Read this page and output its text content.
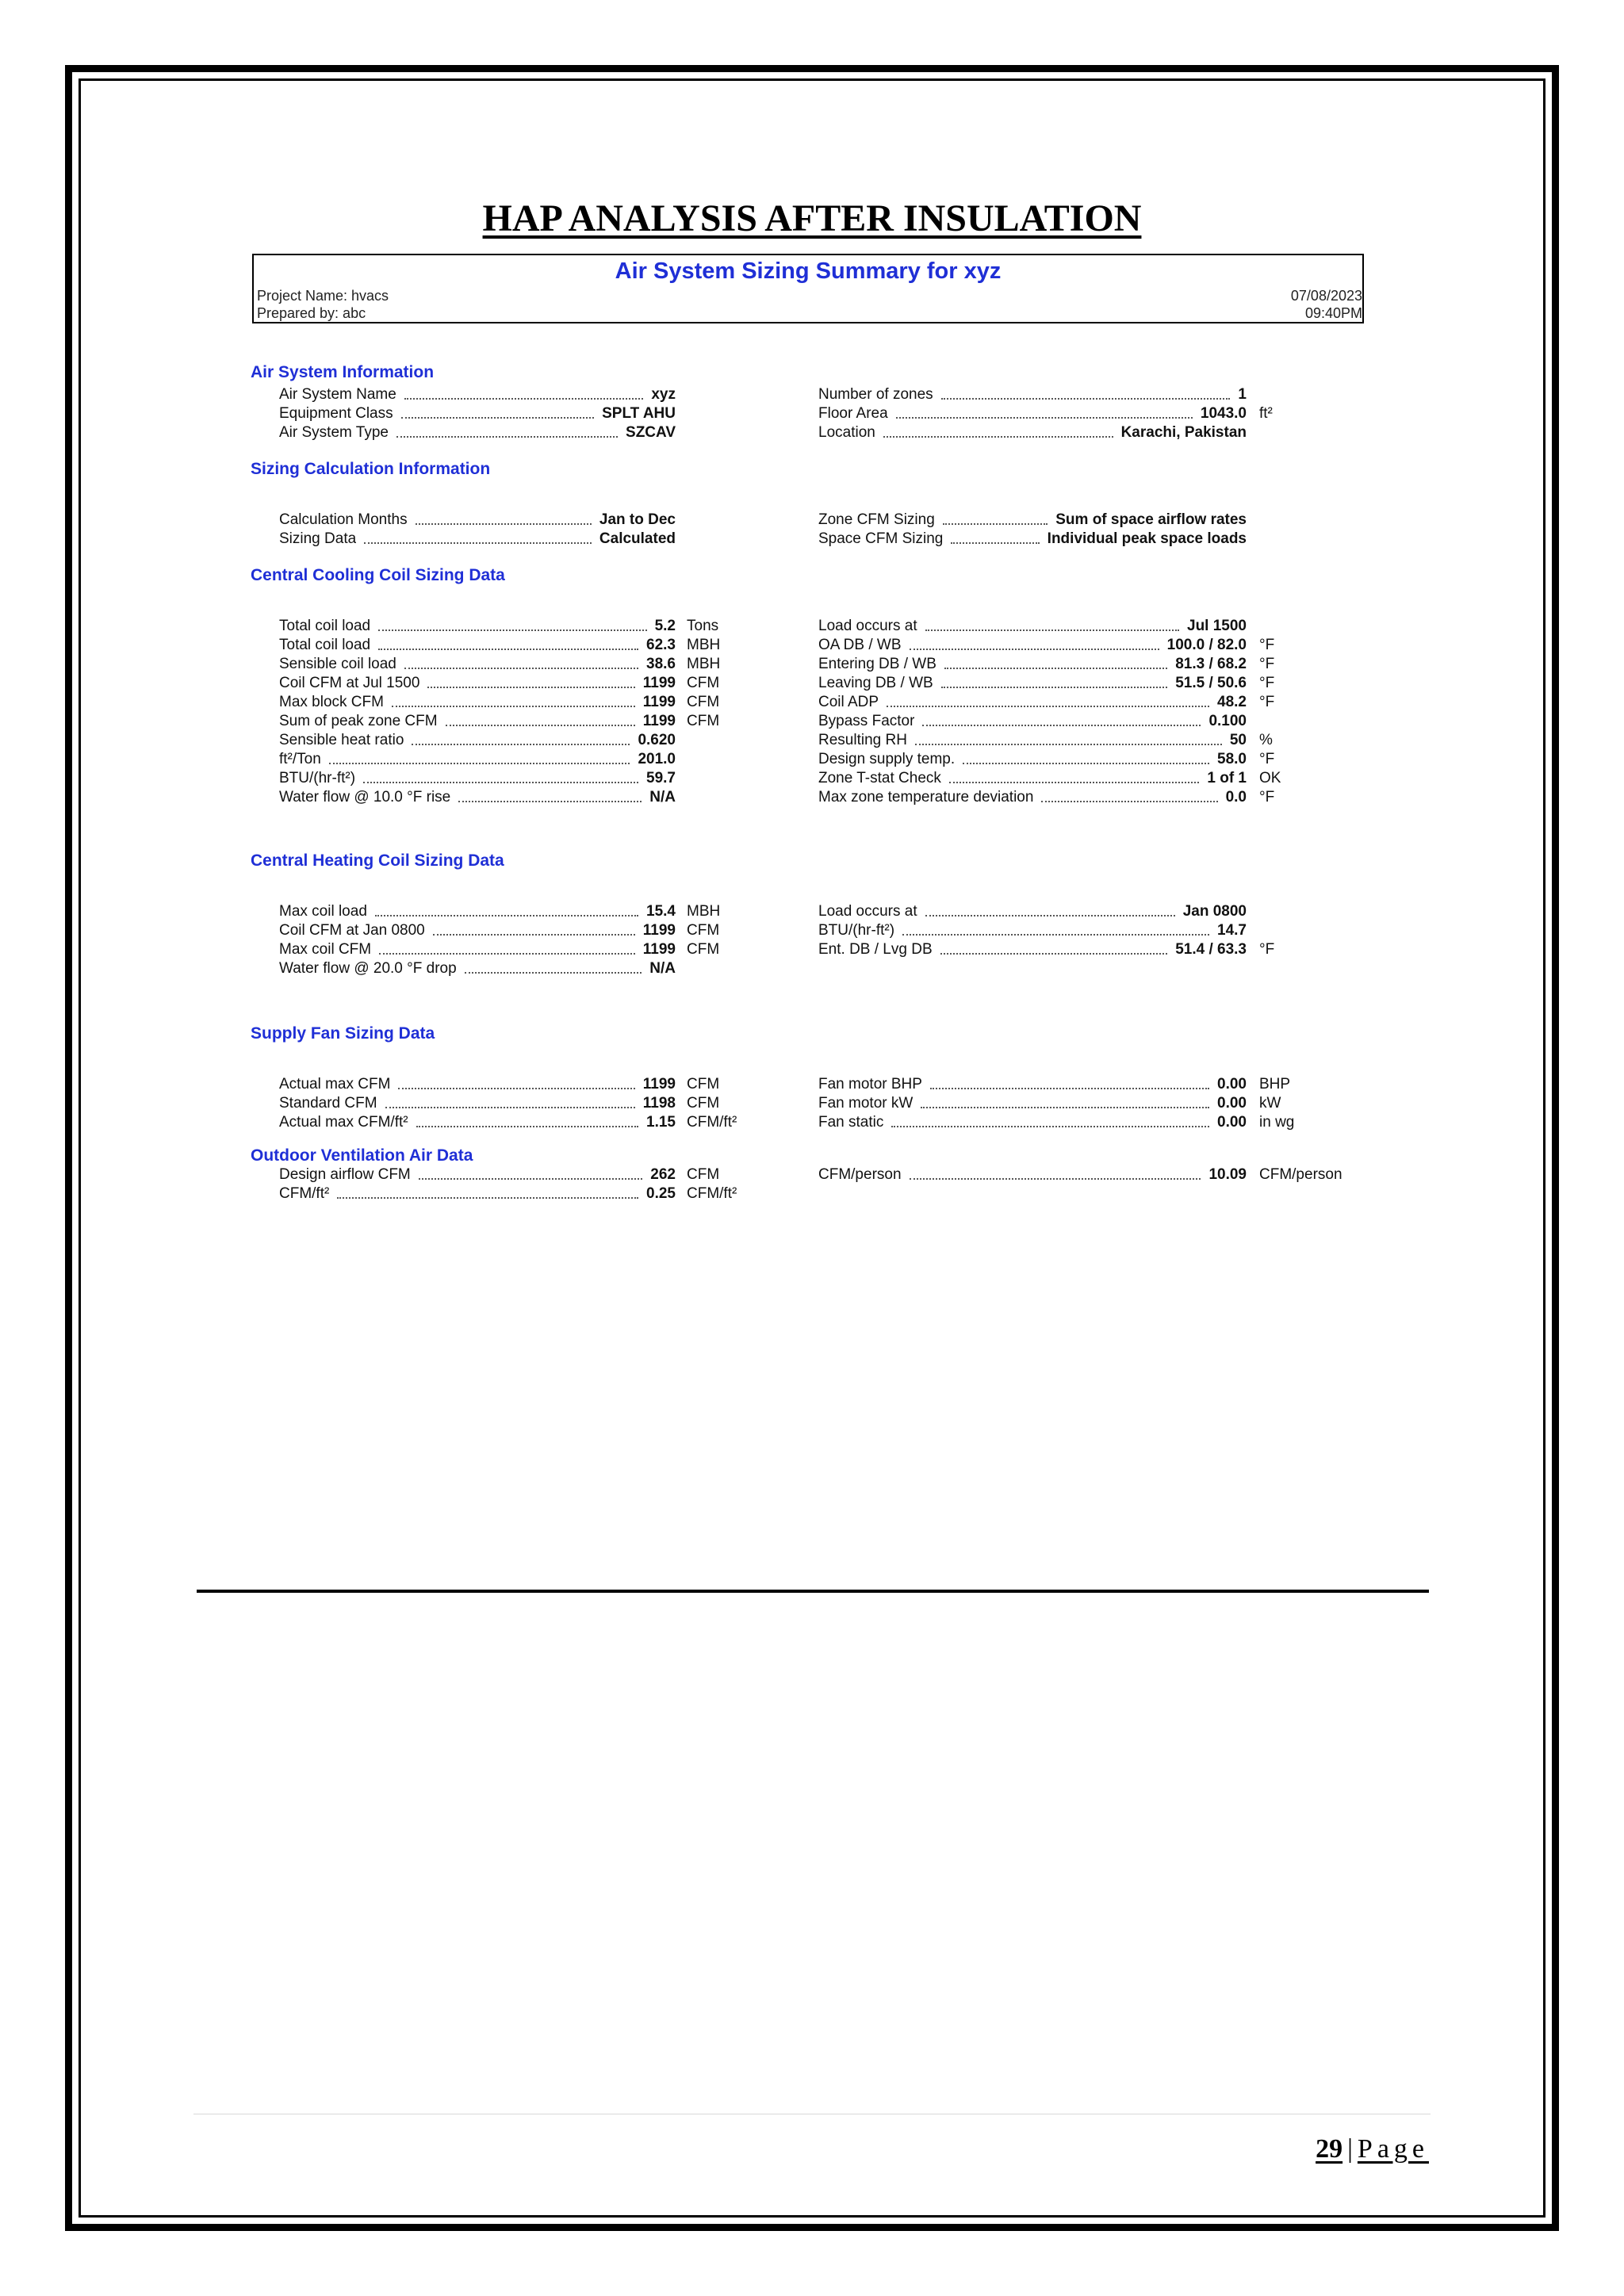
HAP ANALYSIS AFTER INSULATION
Air System Sizing Summary for xyz
Project Name: hvacs
Prepared by: abc
07/08/2023
09:40PM
Air System Information
Air System Name	xyz
Equipment Class	SPLT AHU
Air System Type	SZCAV
Number of zones	1
Floor Area	1043.0 ft²
Location	Karachi, Pakistan
Sizing Calculation Information
Calculation Months	Jan to Dec
Sizing Data	Calculated
Zone CFM Sizing	Sum of space airflow rates
Space CFM Sizing	Individual peak space loads
Central Cooling Coil Sizing Data
Total coil load	5.2 Tons
Total coil load	62.3 MBH
Sensible coil load	38.6 MBH
Coil CFM at Jul 1500	1199 CFM
Max block CFM	1199 CFM
Sum of peak zone CFM	1199 CFM
Sensible heat ratio	0.620
ft²/Ton	201.0
BTU/(hr-ft²)	59.7
Water flow @ 10.0 °F rise	N/A
Load occurs at	Jul 1500
OA DB / WB	100.0 / 82.0 °F
Entering DB / WB	81.3 / 68.2 °F
Leaving DB / WB	51.5 / 50.6 °F
Coil ADP	48.2 °F
Bypass Factor	0.100
Resulting RH	50 %
Design supply temp.	58.0 °F
Zone T-stat Check	1 of 1 OK
Max zone temperature deviation	0.0 °F
Central Heating Coil Sizing Data
Max coil load	15.4 MBH
Coil CFM at Jan 0800	1199 CFM
Max coil CFM	1199 CFM
Water flow @ 20.0 °F drop	N/A
Load occurs at	Jan 0800
BTU/(hr-ft²)	14.7
Ent. DB / Lvg DB	51.4 / 63.3 °F
Supply Fan Sizing Data
Actual max CFM	1199 CFM
Standard CFM	1198 CFM
Actual max CFM/ft²	1.15 CFM/ft²
Fan motor BHP	0.00 BHP
Fan motor kW	0.00 kW
Fan static	0.00 in wg
Outdoor Ventilation Air Data
Design airflow CFM	262 CFM
CFM/ft²	0.25 CFM/ft²
CFM/person	10.09 CFM/person
29 | Page
